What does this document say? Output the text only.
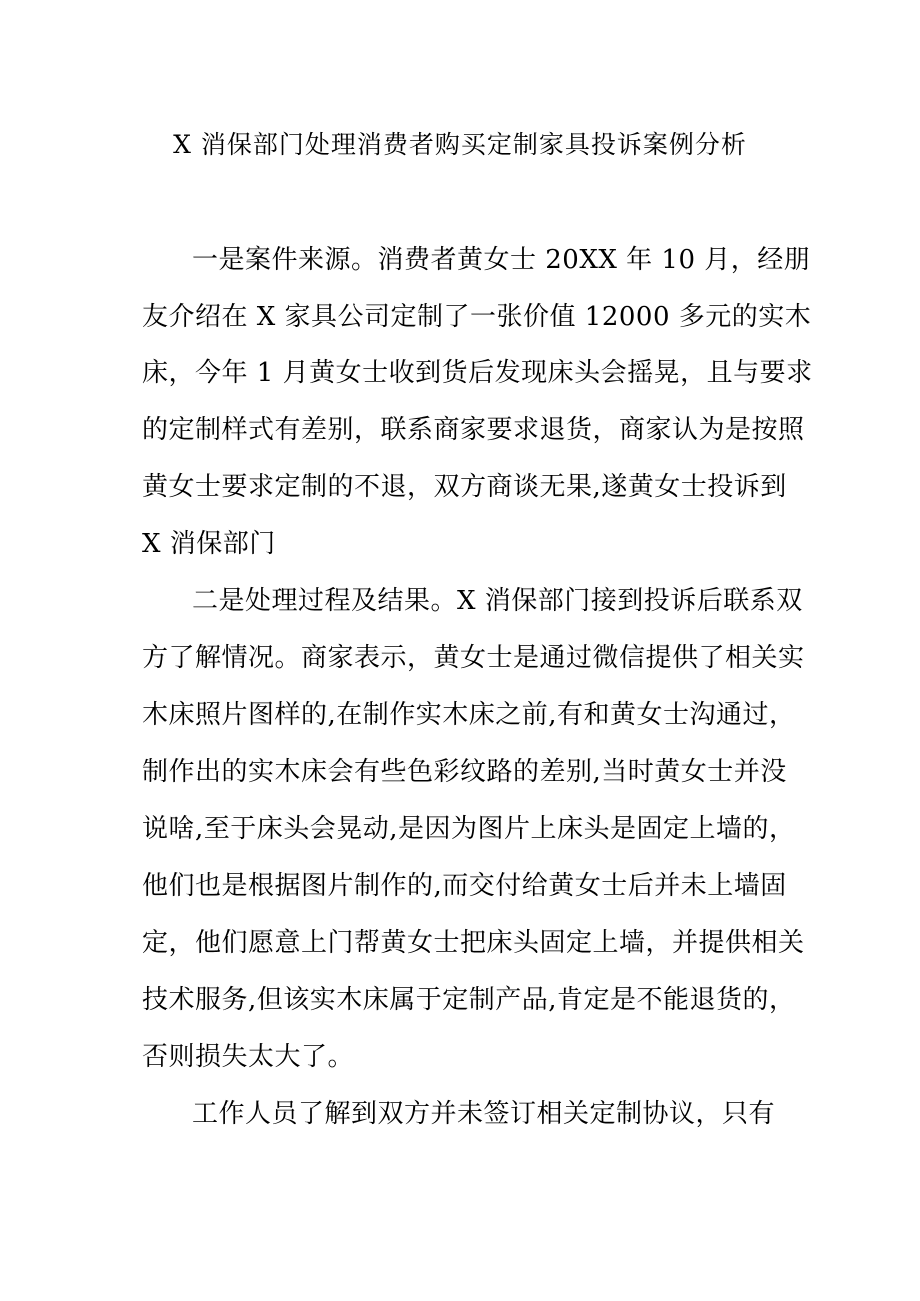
X 消保部门处理消费者购买定制家具投诉案例分析
一是案件来源。消费者黄女士 20XX 年 10 月，经朋
友介绍在 X 家具公司定制了一张价值 12000 多元的实木
床，今年 1 月黄女士收到货后发现床头会摇晃，且与要求
的定制样式有差别，联系商家要求退货，商家认为是按照
黄女士要求定制的不退，双方商谈无果,遂黄女士投诉到
X 消保部门
二是处理过程及结果。X 消保部门接到投诉后联系双
方了解情况。商家表示，黄女士是通过微信提供了相关实
木床照片图样的,在制作实木床之前,有和黄女士沟通过，
制作出的实木床会有些色彩纹路的差别,当时黄女士并没
说啥,至于床头会晃动,是因为图片上床头是固定上墙的，
他们也是根据图片制作的,而交付给黄女士后并未上墙固
定，他们愿意上门帮黄女士把床头固定上墙，并提供相关
技术服务,但该实木床属于定制产品,肯定是不能退货的，
否则损失太大了。
工作人员了解到双方并未签订相关定制协议，只有
